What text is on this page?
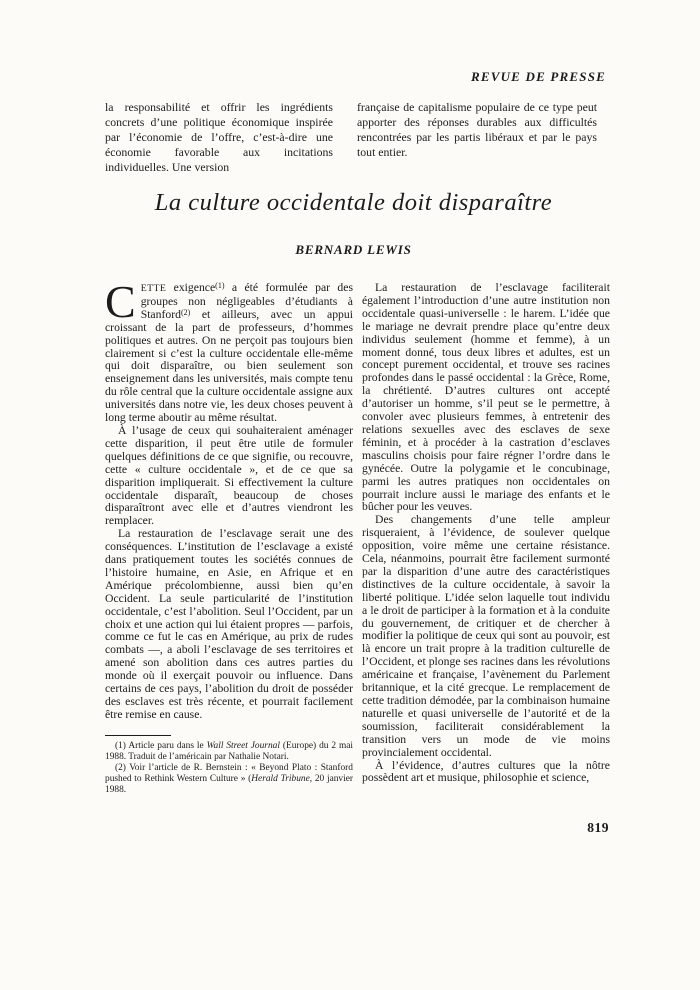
REVUE DE PRESSE
la responsabilité et offrir les ingrédients concrets d’une politique économique inspirée par l’économie de l’offre, c’est-à-dire une économie favorable aux incitations individuelles. Une version
française de capitalisme populaire de ce type peut apporter des réponses durables aux difficultés rencontrées par les partis libéraux et par le pays tout entier.
La culture occidentale doit disparaître
BERNARD LEWIS

CETTE exigence$^{(1)}$ a été formulée par des groupes non négligeables d’étudiants à Stanford$^{(2)}$ et ailleurs, avec un appui croissant de la part de professeurs, d’hommes politiques et autres. On ne perçoit pas toujours bien clairement si c’est la culture occidentale elle-même qui doit disparaître, ou bien seulement son enseignement dans les universités, mais compte tenu du rôle central que la culture occidentale assigne aux universités dans notre vie, les deux choses peuvent à long terme aboutir au même résultat.

À l’usage de ceux qui souhaiteraient aménager cette disparition, il peut être utile de formuler quelques définitions de ce que signifie, ou recouvre, cette « culture occidentale », et de ce que sa disparition impliquerait. Si effectivement la culture occidentale disparaît, beaucoup de choses disparaîtront avec elle et d’autres viendront les remplacer.

La restauration de l’esclavage serait une des conséquences. L’institution de l’esclavage a existé dans pratiquement toutes les sociétés connues de l’histoire humaine, en Asie, en Afrique et en Amérique précolombienne, aussi bien qu’en Occident. La seule particularité de l’institution occidentale, c’est l’abolition. Seul l’Occident, par un choix et une action qui lui étaient propres — parfois, comme ce fut le cas en Amérique, au prix de rudes combats —, a aboli l’esclavage de ses territoires et amené son abolition dans ces autres parties du monde où il exerçait pouvoir ou influence. Dans certains de ces pays, l’abolition du droit de posséder des esclaves est très récente, et pourrait facilement être remise en cause.

(1) Article paru dans le Wall Street Journal (Europe) du 2 mai 1988. Traduit de l’américain par Nathalie Notari.

(2) Voir l’article de R. Bernstein : « Beyond Plato : Stanford pushed to Rethink Western Culture » (Herald Tribune, 20 janvier 1988.

La restauration de l’esclavage faciliterait également l’introduction d’une autre institution non occidentale quasi-universelle : le harem. L’idée que le mariage ne devrait prendre place qu’entre deux individus seulement (homme et femme), à un moment donné, tous deux libres et adultes, est un concept purement occidental, et trouve ses racines profondes dans le passé occidental : la Grèce, Rome, la chrétienté. D’autres cultures ont accepté d’autoriser un homme, s’il peut se le permettre, à convoler avec plusieurs femmes, à entretenir des relations sexuelles avec des esclaves de sexe féminin, et à procéder à la castration d’esclaves masculins choisis pour faire régner l’ordre dans le gynécée. Outre la polygamie et le concubinage, parmi les autres pratiques non occidentales on pourrait inclure aussi le mariage des enfants et le bûcher pour les veuves.

Des changements d’une telle ampleur risqueraient, à l’évidence, de soulever quelque opposition, voire même une certaine résistance. Cela, néanmoins, pourrait être facilement surmonté par la disparition d’une autre des caractéristiques distinctives de la culture occidentale, à savoir la liberté politique. L’idée selon laquelle tout individu a le droit de participer à la formation et à la conduite du gouvernement, de critiquer et de chercher à modifier la politique de ceux qui sont au pouvoir, est là encore un trait propre à la tradition culturelle de l’Occident, et plonge ses racines dans les révolutions américaine et française, l’avènement du Parlement britannique, et la cité grecque. Le remplacement de cette tradition démodée, par la combinaison humaine naturelle et quasi universelle de l’autorité et de la soumission, faciliterait considérablement la transition vers un mode de vie moins provincialement occidental.

À l’évidence, d’autres cultures que la nôtre possèdent art et musique, philosophie et science,

819
